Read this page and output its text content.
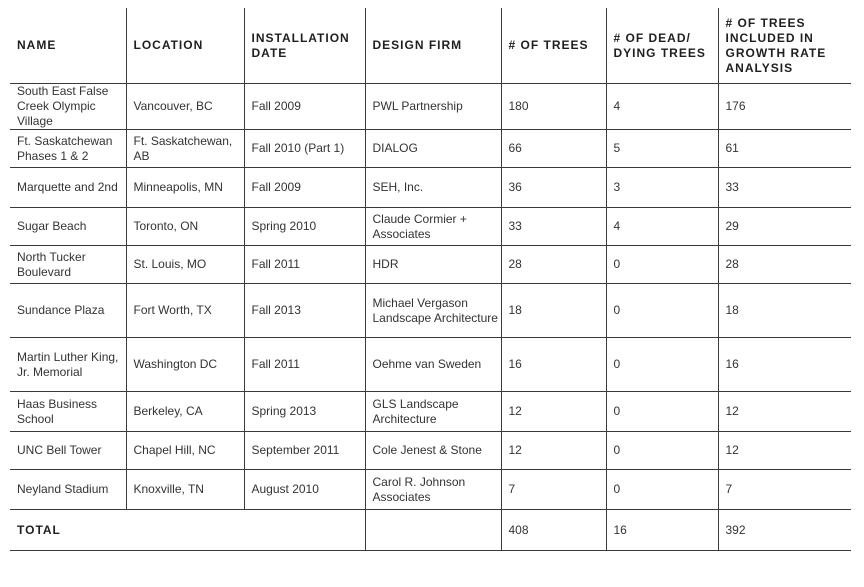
NAME	LOCATION	INSTALLATION DATE	DESIGN FIRM	# OF TREES	# OF DEAD/ DYING TREES	# OF TREES INCLUDED IN GROWTH RATE ANALYSIS
South East False Creek Olympic Village	Vancouver, BC	Fall 2009	PWL Partnership	180	4	176
Ft. Saskatchewan Phases 1 & 2	Ft. Saskatchewan, AB	Fall 2010 (Part 1)	DIALOG	66	5	61
Marquette and 2nd	Minneapolis, MN	Fall 2009	SEH, Inc.	36	3	33
Sugar Beach	Toronto, ON	Spring 2010	Claude Cormier + Associates	33	4	29
North Tucker Boulevard	St. Louis, MO	Fall 2011	HDR	28	0	28
Sundance Plaza	Fort Worth, TX	Fall 2013	Michael Vergason Landscape Architecture	18	0	18
Martin Luther King, Jr. Memorial	Washington DC	Fall 2011	Oehme van Sweden	16	0	16
Haas Business School	Berkeley, CA	Spring 2013	GLS Landscape Architecture	12	0	12
UNC Bell Tower	Chapel Hill, NC	September 2011	Cole Jenest & Stone	12	0	12
Neyland Stadium	Knoxville, TN	August 2010	Carol R. Johnson Associates	7	0	7
TOTAL				408	16	392
